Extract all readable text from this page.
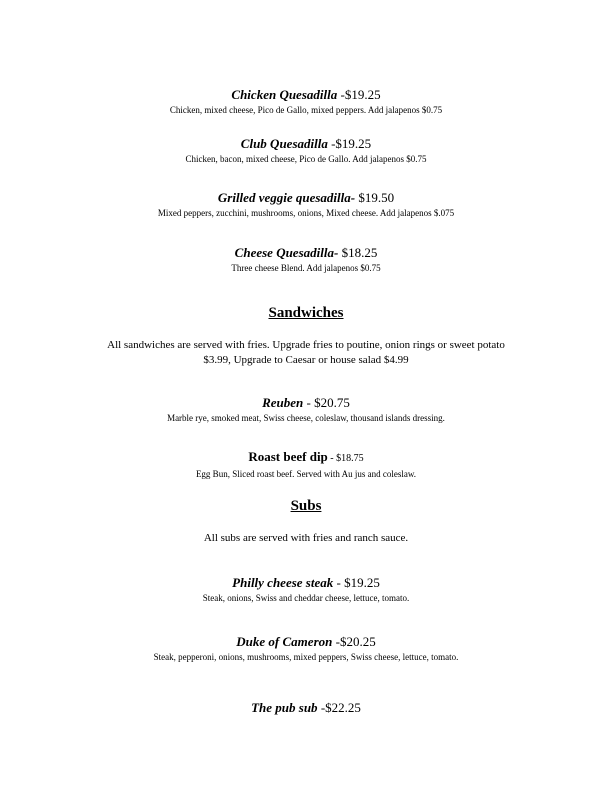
Chicken Quesadilla -$19.25
Chicken, mixed cheese, Pico de Gallo, mixed peppers. Add jalapenos $0.75
Club Quesadilla -$19.25
Chicken, bacon, mixed cheese, Pico de Gallo. Add jalapenos $0.75
Grilled veggie quesadilla- $19.50
Mixed peppers, zucchini, mushrooms, onions, Mixed cheese. Add jalapenos $.075
Cheese Quesadilla- $18.25
Three cheese Blend. Add jalapenos $0.75
Sandwiches
All sandwiches are served with fries. Upgrade fries to poutine, onion rings or sweet potato
$3.99, Upgrade to Caesar or house salad $4.99
Reuben - $20.75
Marble rye, smoked meat, Swiss cheese, coleslaw, thousand islands dressing.
Roast beef dip - $18.75
Egg Bun, Sliced roast beef. Served with Au jus and coleslaw.
Subs
All subs are served with fries and ranch sauce.
Philly cheese steak - $19.25
Steak, onions, Swiss and cheddar cheese, lettuce, tomato.
Duke of Cameron -$20.25
Steak, pepperoni, onions, mushrooms, mixed peppers, Swiss cheese, lettuce, tomato.
The pub sub -$22.25
